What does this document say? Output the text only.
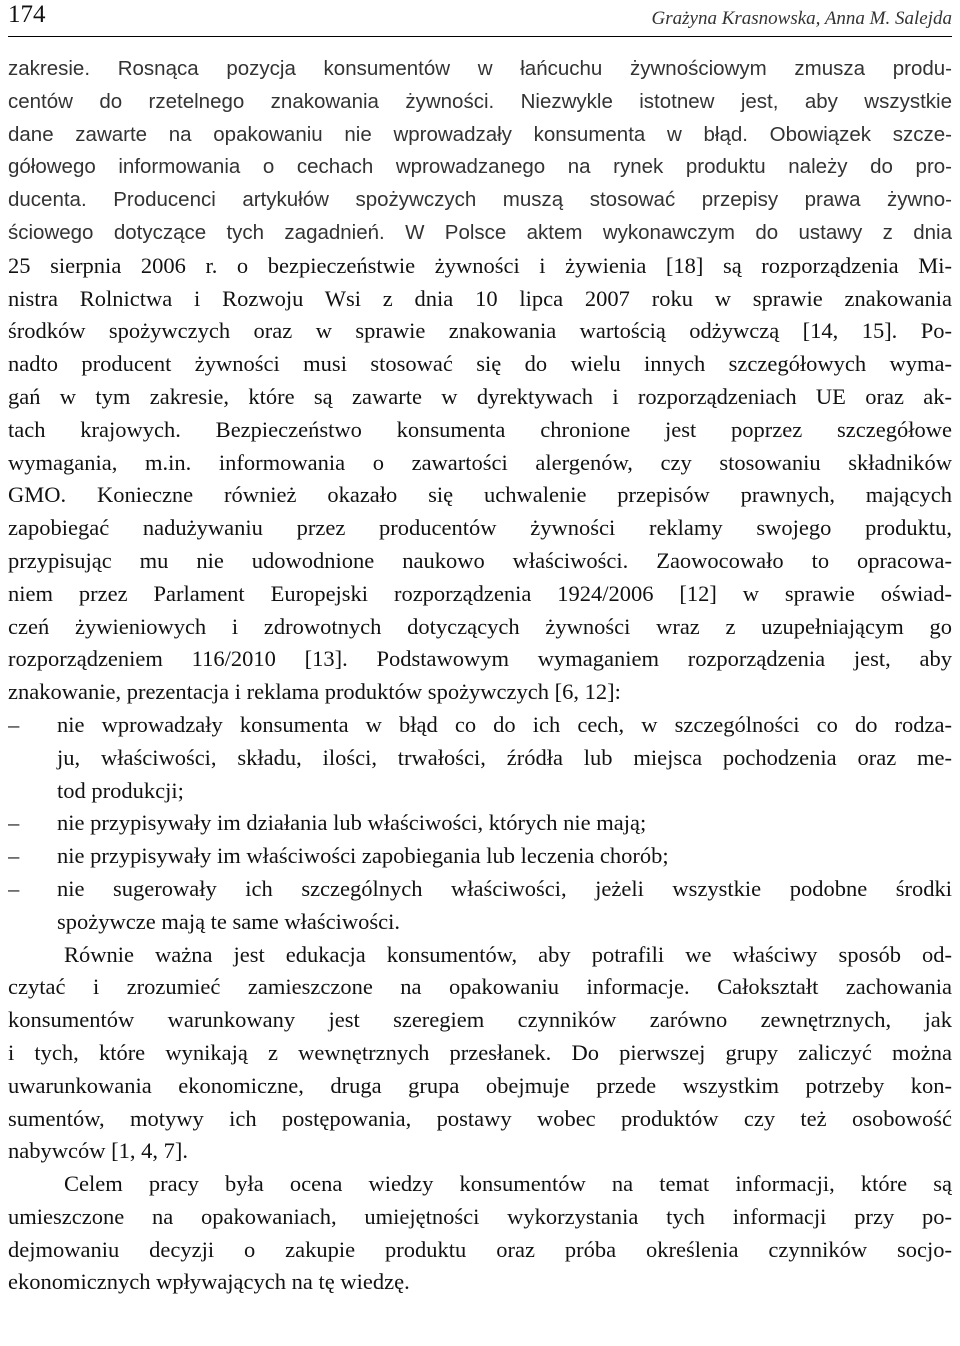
174	Grażyna Krasnowska, Anna M. Salejda
zakresie. Rosnąca pozycja konsumentów w łańcuchu żywnościowym zmusza produ-
centów do rzetelnego znakowania żywności. Niezwykle istotnew jest, aby wszystkie
dane zawarte na opakowaniu nie wprowadzały konsumenta w błąd. Obowiązek szcze-
gółowego informowania o cechach wprowadzanego na rynek produktu należy do pro-
ducenta. Producenci artykułów spożywczych muszą stosować przepisy prawa żywno-
ściowego dotyczące tych zagadnień. W Polsce aktem wykonawczym do ustawy z dnia
25 sierpnia 2006 r. o bezpieczeństwie żywności i żywienia [18] są rozporządzenia Mi-
nistra Rolnictwa i Rozwoju Wsi z dnia 10 lipca 2007 roku w sprawie znakowania
środków spożywczych oraz w sprawie znakowania wartością odżywczą [14, 15]. Po-
nadto producent żywności musi stosować się do wielu innych szczegółowych wyma-
gań w tym zakresie, które są zawarte w dyrektywach i rozporządzeniach UE oraz ak-
tach krajowych. Bezpieczeństwo konsumenta chronione jest poprzez szczegółowe
wymagania, m.in. informowania o zawartości alergenów, czy stosowaniu składników
GMO. Konieczne również okazało się uchwalenie przepisów prawnych, mających
zapobiegać nadużywaniu przez producentów żywności reklamy swojego produktu,
przypisując mu nie udowodnione naukowo właściwości. Zaowocowało to opracowa-
niem przez Parlament Europejski rozporządzenia 1924/2006 [12] w sprawie oświad-
czeń żywieniowych i zdrowotnych dotyczących żywności wraz z uzupełniającym go
rozporządzeniem 116/2010 [13]. Podstawowym wymaganiem rozporządzenia jest, aby
znakowanie, prezentacja i reklama produktów spożywczych [6, 12]:
– nie wprowadzały konsumenta w błąd co do ich cech, w szczególności co do rodza-
ju, właściwości, składu, ilości, trwałości, źródła lub miejsca pochodzenia oraz me-
tod produkcji;
– nie przypisywały im działania lub właściwości, których nie mają;
– nie przypisywały im właściwości zapobiegania lub leczenia chorób;
– nie sugerowały ich szczególnych właściwości, jeżeli wszystkie podobne środki
spożywcze mają te same właściwości.
Równie ważna jest edukacja konsumentów, aby potrafili we właściwy sposób od-
czytać i zrozumieć zamieszczone na opakowaniu informacje. Całokształt zachowania
konsumentów warunkowany jest szeregiem czynników zarówno zewnętrznych, jak
i tych, które wynikają z wewnętrznych przesłanek. Do pierwszej grupy zaliczyć można
uwarunkowania ekonomiczne, druga grupa obejmuje przede wszystkim potrzeby kon-
sumentów, motywy ich postępowania, postawy wobec produktów czy też osobowość
nabywców [1, 4, 7].
Celem pracy była ocena wiedzy konsumentów na temat informacji, które są
umieszczone na opakowaniach, umiejętności wykorzystania tych informacji przy po-
dejmowaniu decyzji o zakupie produktu oraz próba określenia czynników socjo-
ekonomicznych wpływających na tę wiedzę.
